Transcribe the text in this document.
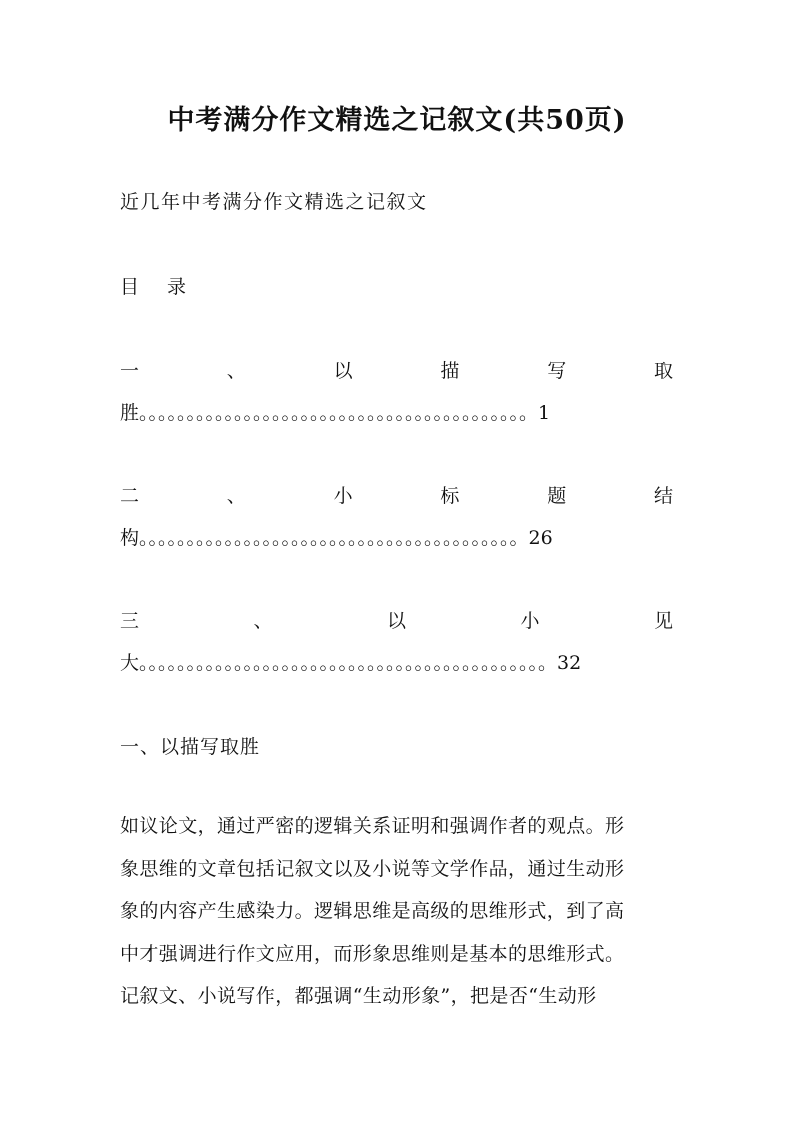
中考满分作文精选之记叙文(共50页)
近几年中考满分作文精选之记叙文
目 录
一	、	以	描	写	取
胜。。。。。。。。。。。。。。。。。。。。。。。。。。。。。。。。。。。。。。。。。1
二	、	小	标	题	结
构。。。。。。。。。。。。。。。。。。。。。。。。。。。。。。。。。。。。。。。。26
三	、	以	小	见
大。。。。。。。。。。。。。。。。。。。。。。。。。。。。。。。。。。。。。。。。。。。32
一、以描写取胜
如议论文，通过严密的逻辑关系证明和强调作者的观点。形
象思维的文章包括记叙文以及小说等文学作品，通过生动形
象的内容产生感染力。逻辑思维是高级的思维形式，到了高
中才强调进行作文应用，而形象思维则是基本的思维形式。
记叙文、小说写作，都强调“生动形象”，把是否“生动形
